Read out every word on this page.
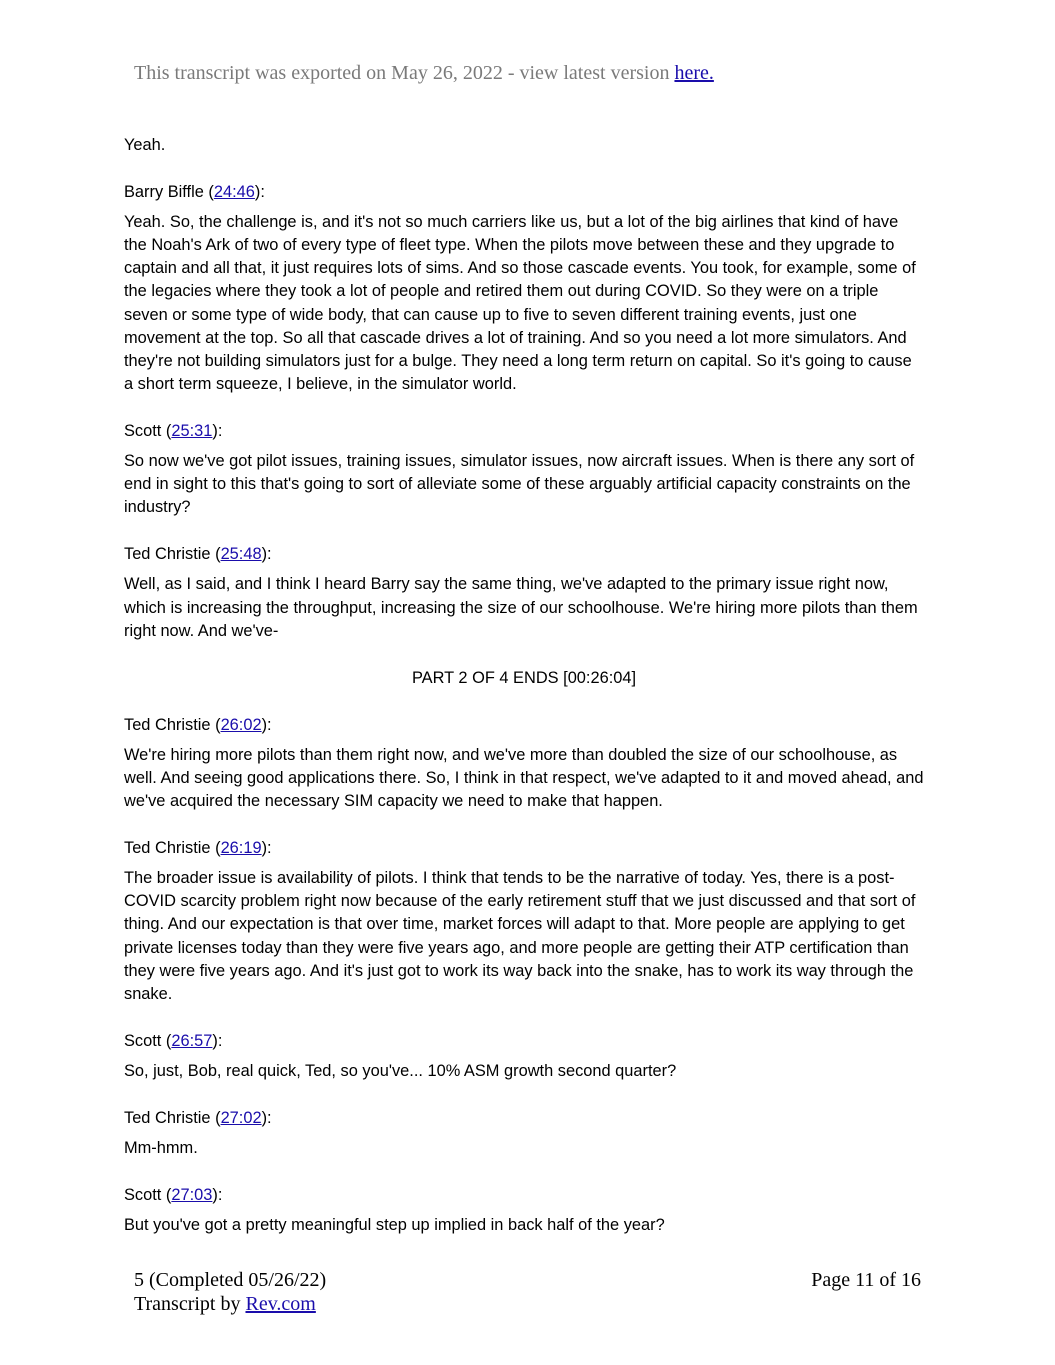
This transcript was exported on May 26, 2022 - view latest version here.
Yeah.
Barry Biffle (24:46):
Yeah. So, the challenge is, and it's not so much carriers like us, but a lot of the big airlines that kind of have the Noah's Ark of two of every type of fleet type. When the pilots move between these and they upgrade to captain and all that, it just requires lots of sims. And so those cascade events. You took, for example, some of the legacies where they took a lot of people and retired them out during COVID. So they were on a triple seven or some type of wide body, that can cause up to five to seven different training events, just one movement at the top. So all that cascade drives a lot of training. And so you need a lot more simulators. And they're not building simulators just for a bulge. They need a long term return on capital. So it's going to cause a short term squeeze, I believe, in the simulator world.
Scott (25:31):
So now we've got pilot issues, training issues, simulator issues, now aircraft issues. When is there any sort of end in sight to this that's going to sort of alleviate some of these arguably artificial capacity constraints on the industry?
Ted Christie (25:48):
Well, as I said, and I think I heard Barry say the same thing, we've adapted to the primary issue right now, which is increasing the throughput, increasing the size of our schoolhouse. We're hiring more pilots than them right now. And we've-
PART 2 OF 4 ENDS [00:26:04]
Ted Christie (26:02):
We're hiring more pilots than them right now, and we've more than doubled the size of our schoolhouse, as well. And seeing good applications there. So, I think in that respect, we've adapted to it and moved ahead, and we've acquired the necessary SIM capacity we need to make that happen.
Ted Christie (26:19):
The broader issue is availability of pilots. I think that tends to be the narrative of today. Yes, there is a post-COVID scarcity problem right now because of the early retirement stuff that we just discussed and that sort of thing. And our expectation is that over time, market forces will adapt to that. More people are applying to get private licenses today than they were five years ago, and more people are getting their ATP certification than they were five years ago. And it's just got to work its way back into the snake, has to work its way through the snake.
Scott (26:57):
So, just, Bob, real quick, Ted, so you've... 10% ASM growth second quarter?
Ted Christie (27:02):
Mm-hmm.
Scott (27:03):
But you've got a pretty meaningful step up implied in back half of the year?
5 (Completed 05/26/22)
Transcript by Rev.com
Page 11 of 16
